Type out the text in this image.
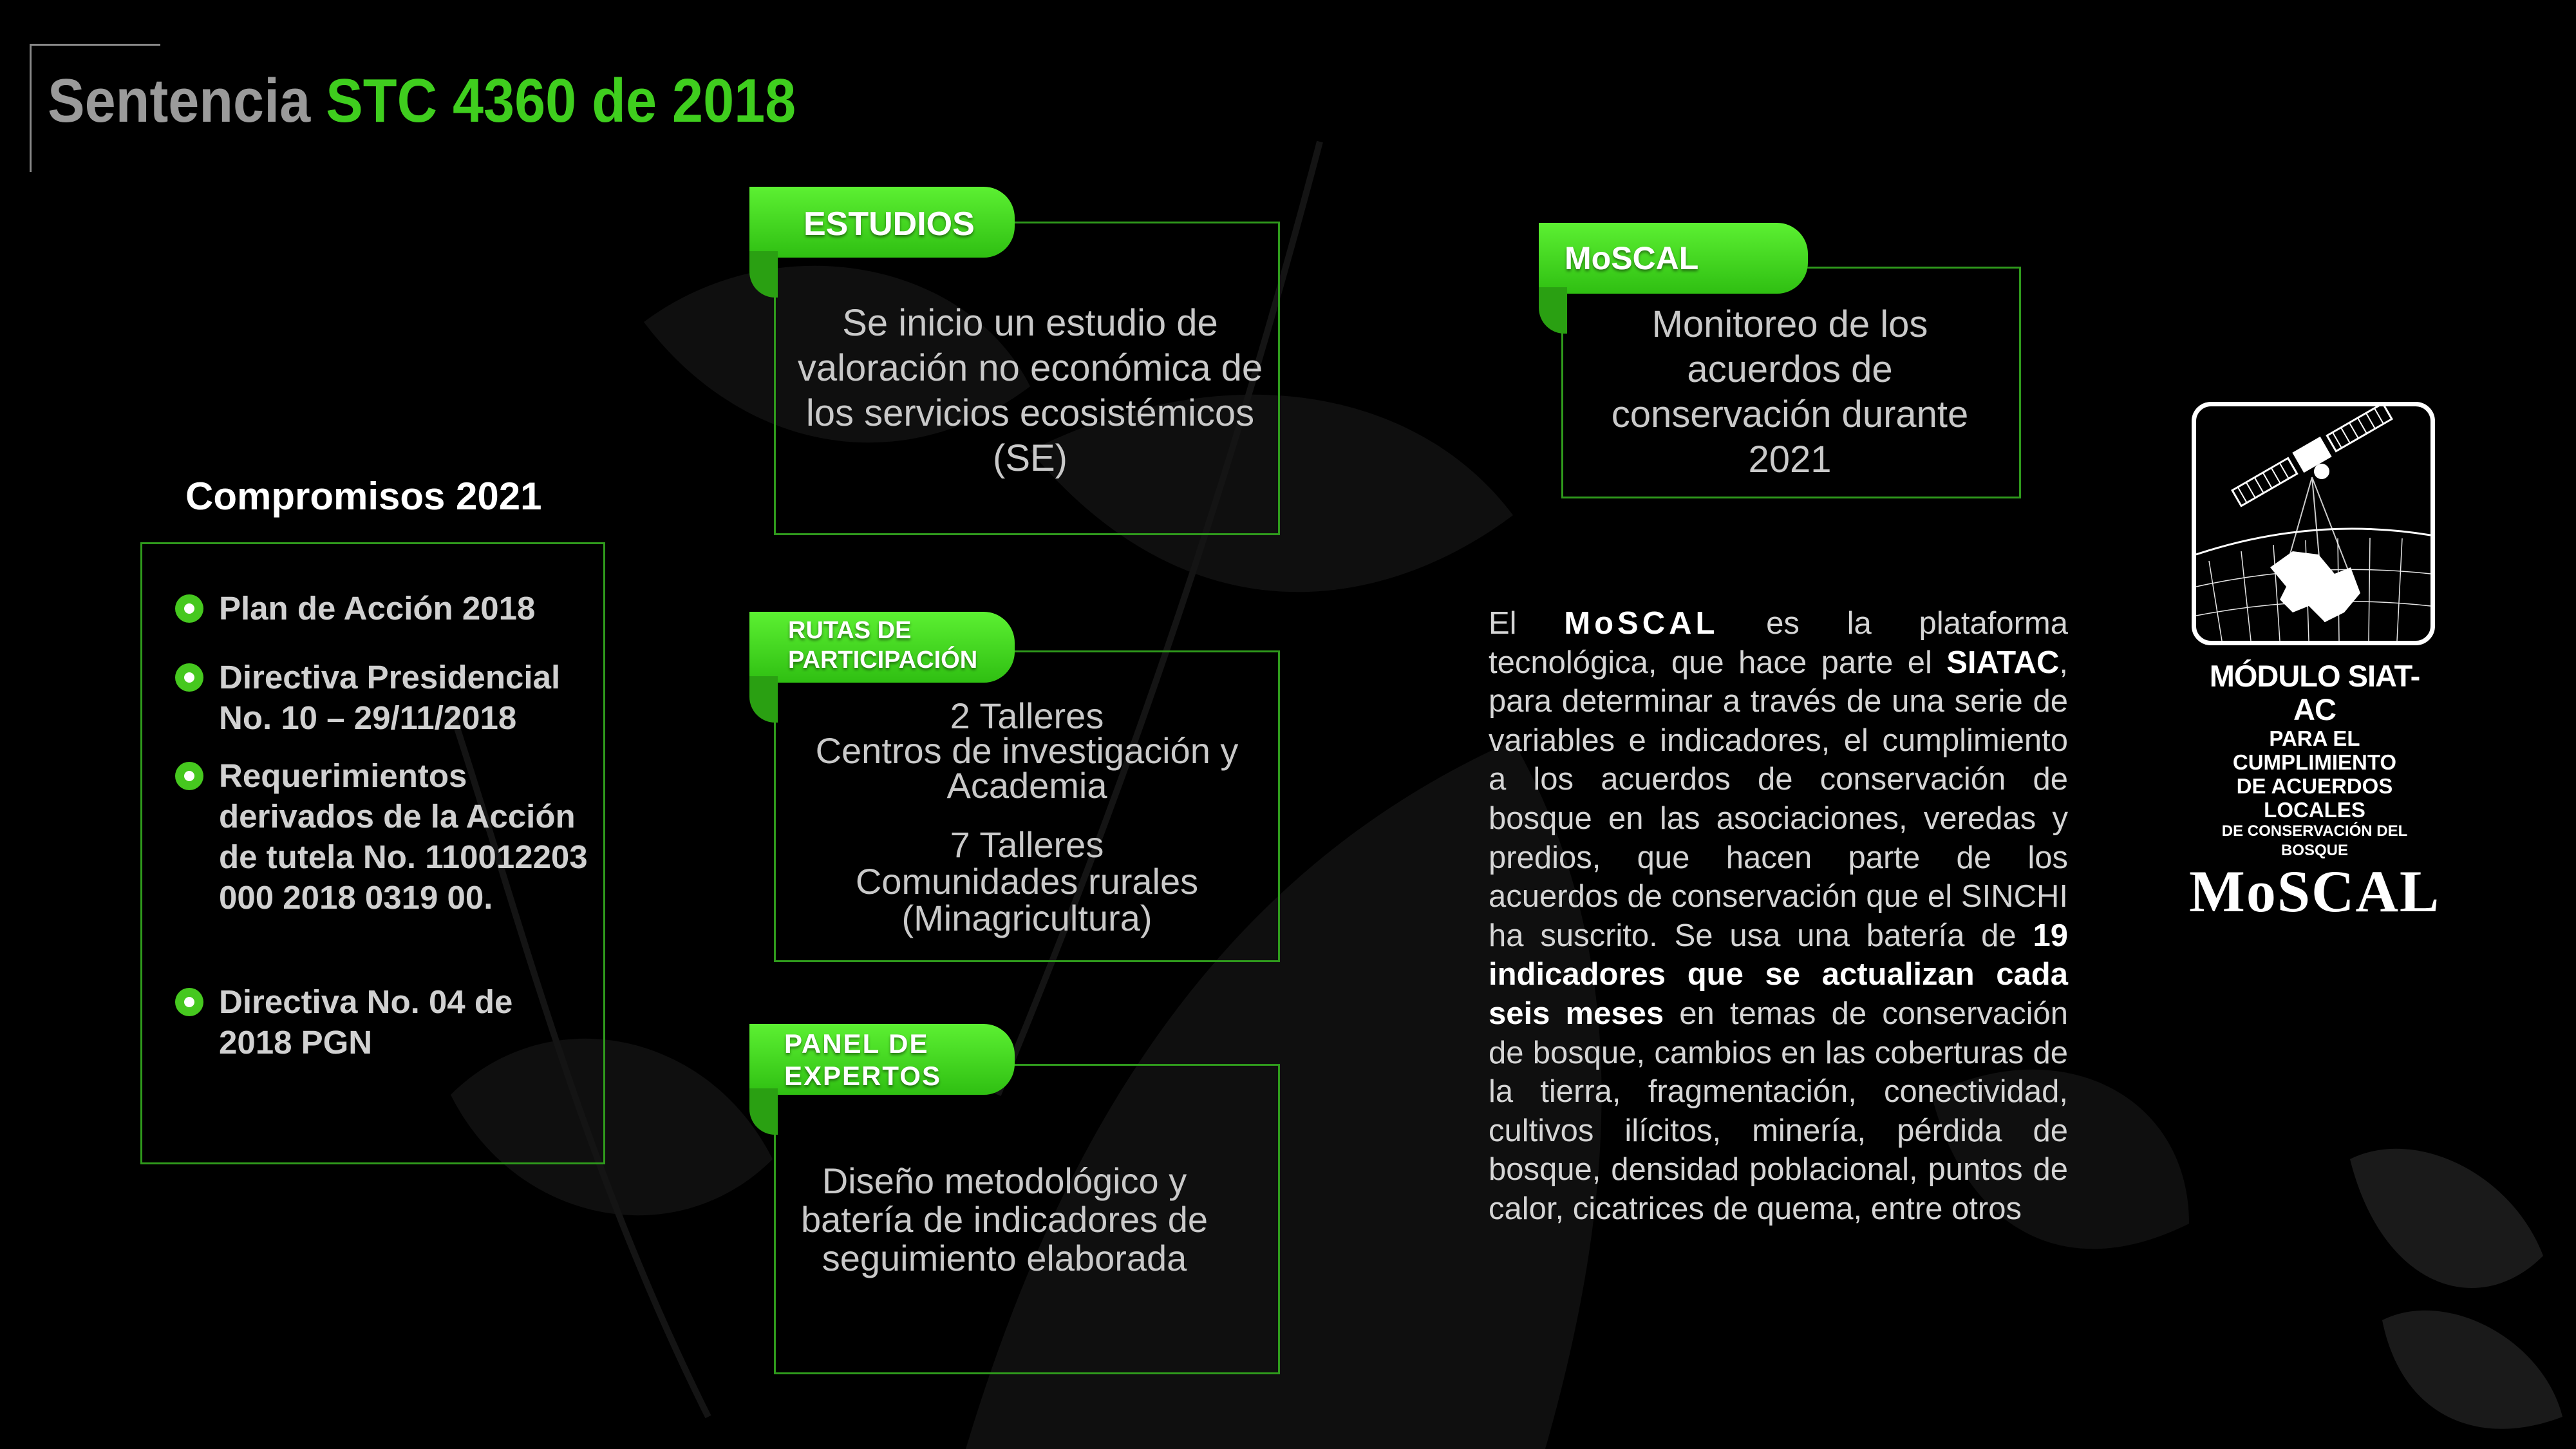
Sentencia STC 4360 de 2018
Compromisos 2021
Plan de Acción 2018
Directiva Presidencial No. 10 – 29/11/2018
Requerimientos derivados de la Acción de tutela No. 110012203 000 2018 0319 00.
Directiva No. 04 de 2018 PGN
ESTUDIOS
Se inicio un estudio de valoración no económica de los servicios ecosistémicos (SE)
RUTAS DE
PARTICIPACIÓN
2 Talleres
Centros de investigación y Academia
7 Talleres
Comunidades rurales (Minagricultura)
PANEL DE
EXPERTOS
Diseño metodológico y batería de indicadores de seguimiento elaborada
MoSCAL
Monitoreo de los acuerdos de conservación durante 2021
El MoSCAL es la plataforma tecnológica, que hace parte el SIATAC, para determinar a través de una serie de variables e indicadores, el cumplimiento a los acuerdos de conservación de bosque en las asociaciones, veredas y predios, que hacen parte de los acuerdos de conservación que el SINCHI ha suscrito. Se usa una batería de 19 indicadores que se actualizan cada seis meses en temas de conservación de bosque, cambios en las coberturas de la tierra, fragmentación, conectividad, cultivos ilícitos, minería, pérdida de bosque, densidad poblacional, puntos de calor, cicatrices de quema, entre otros
MÓDULO SIAT-AC
PARA EL CUMPLIMIENTO
DE ACUERDOS LOCALES
DE CONSERVACIÓN DEL BOSQUE
MoSCAL
